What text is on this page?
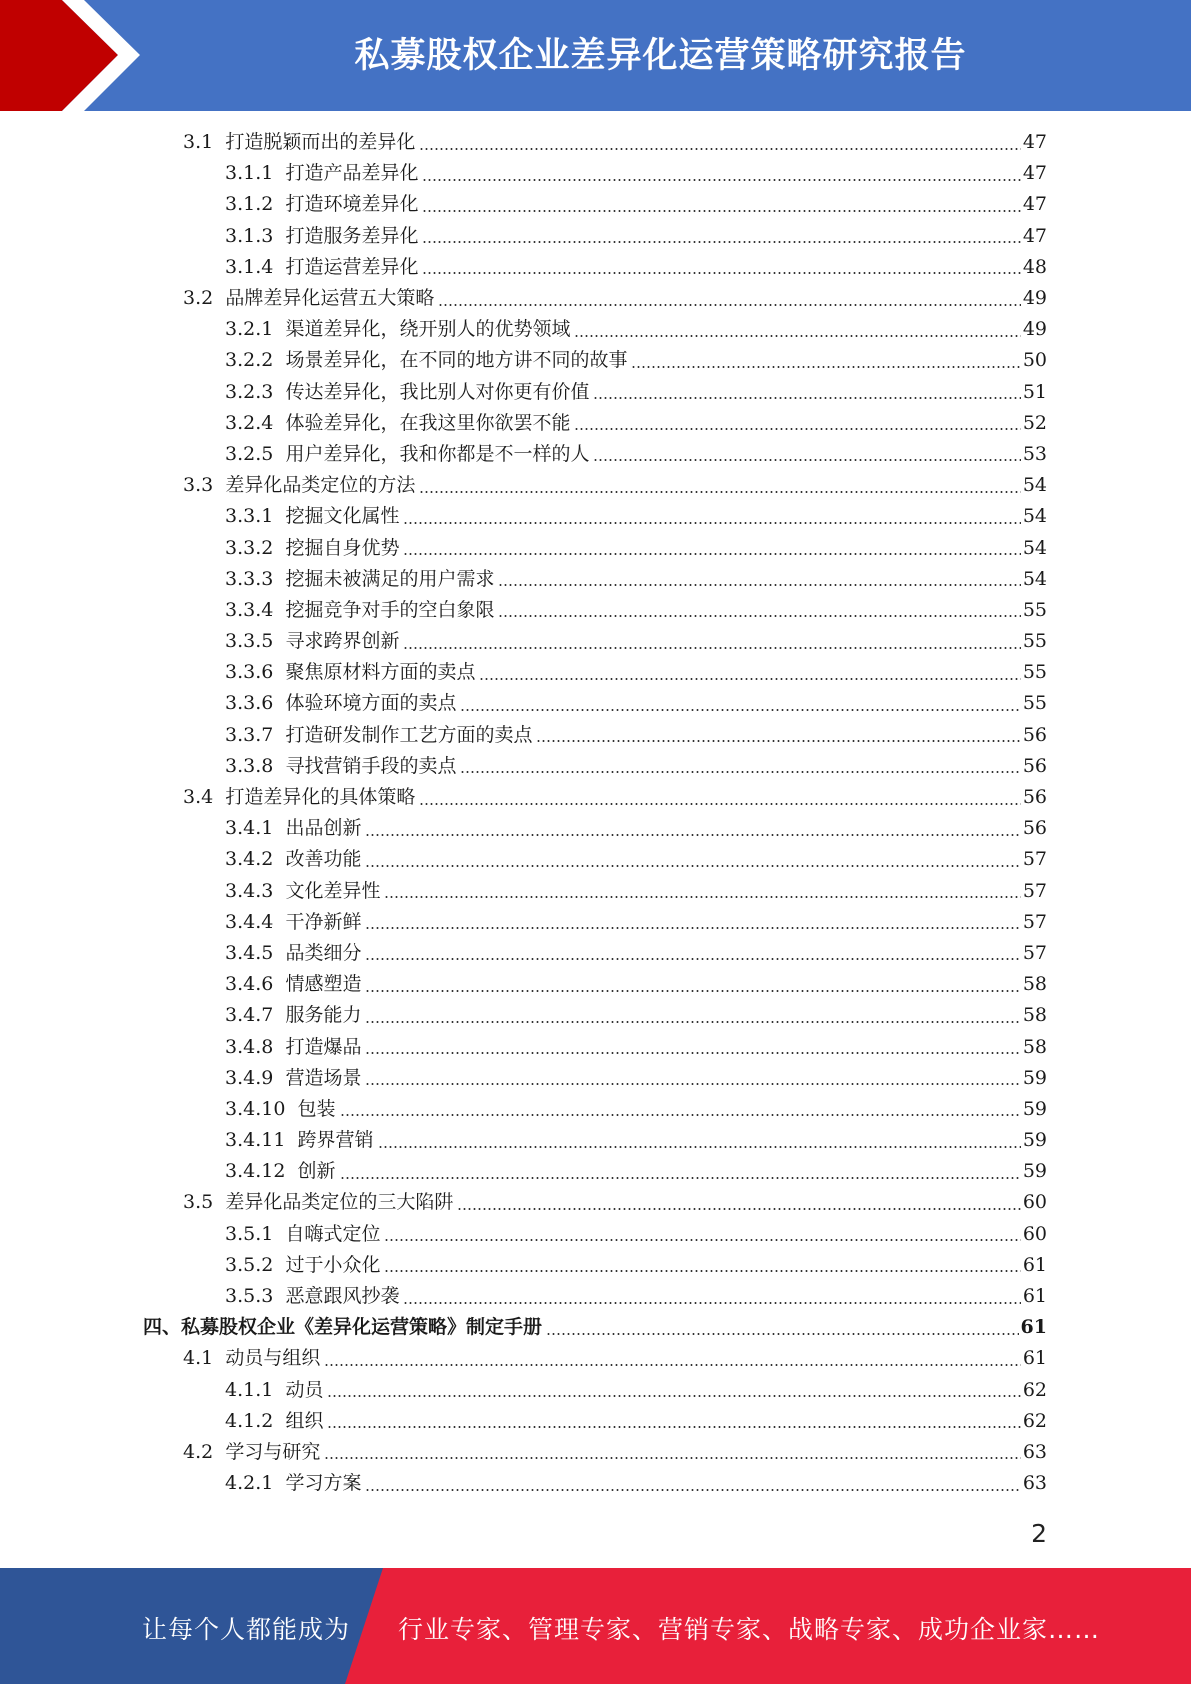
私募股权企业差异化运营策略研究报告
3.1 打造脱颖而出的差异化	47
3.1.1 打造产品差异化	47
3.1.2 打造环境差异化	47
3.1.3 打造服务差异化	47
3.1.4 打造运营差异化	48
3.2 品牌差异化运营五大策略	49
3.2.1 渠道差异化，绕开别人的优势领域	49
3.2.2 场景差异化，在不同的地方讲不同的故事	50
3.2.3 传达差异化，我比别人对你更有价值	51
3.2.4 体验差异化，在我这里你欲罢不能	52
3.2.5 用户差异化，我和你都是不一样的人	53
3.3 差异化品类定位的方法	54
3.3.1 挖掘文化属性	54
3.3.2 挖掘自身优势	54
3.3.3 挖掘未被满足的用户需求	54
3.3.4 挖掘竞争对手的空白象限	55
3.3.5 寻求跨界创新	55
3.3.6 聚焦原材料方面的卖点	55
3.3.6 体验环境方面的卖点	55
3.3.7 打造研发制作工艺方面的卖点	56
3.3.8 寻找营销手段的卖点	56
3.4 打造差异化的具体策略	56
3.4.1 出品创新	56
3.4.2 改善功能	57
3.4.3 文化差异性	57
3.4.4 干净新鲜	57
3.4.5 品类细分	57
3.4.6 情感塑造	58
3.4.7 服务能力	58
3.4.8 打造爆品	58
3.4.9 营造场景	59
3.4.10 包装	59
3.4.11 跨界营销	59
3.4.12 创新	59
3.5 差异化品类定位的三大陷阱	60
3.5.1 自嗨式定位	60
3.5.2 过于小众化	61
3.5.3 恶意跟风抄袭	61
四、私募股权企业《差异化运营策略》制定手册	61
4.1 动员与组织	61
4.1.1 动员	62
4.1.2 组织	62
4.2 学习与研究	63
4.2.1 学习方案	63
2
让每个人都能成为 行业专家、管理专家、营销专家、战略专家、成功企业家……
